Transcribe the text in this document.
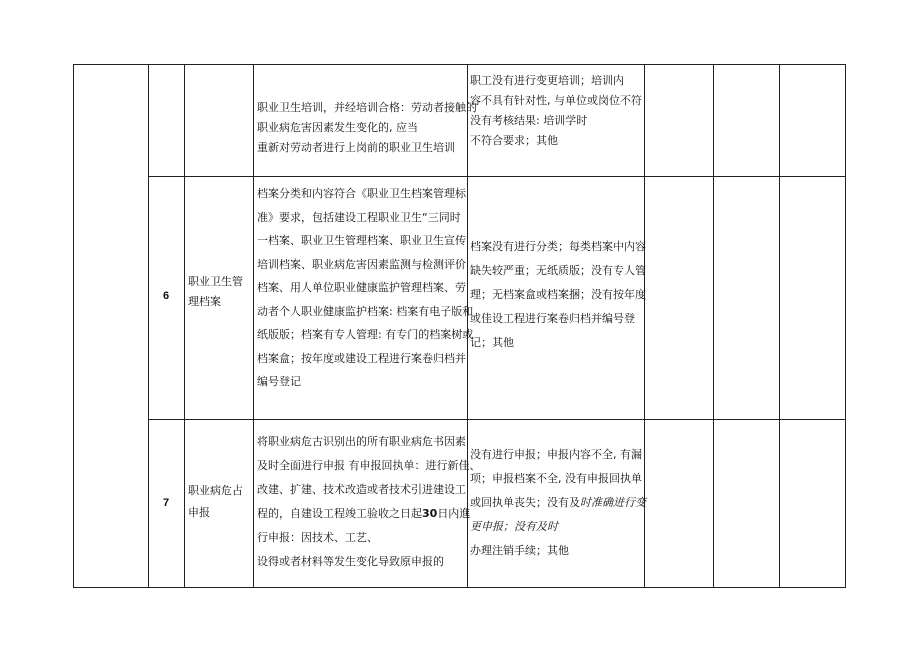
职业卫生培训，并经培训合格：劳动者接触的
职业病危害因素发生变化的, 应当
重新对劳动者进行上岗前的职业卫生培训
职工没有进行变更培训；培训内
容不具有针对性, 与单位或岗位不符
没有考核结果: 培训学时
不符合要求；其他
6
职业卫生管
理档案
档案分类和内容符合《职业卫生档案管理标
准》要求，包括建设工程职业卫生“三同时
一档案、职业卫生管理档案、职业卫生宣传
培训档案、职业病危害因素监测与检测评价
档案、用人单位职业健康监护管理档案、劳
动者个人职业健康监护档案: 档案有电子版和
纸版版；档案有专人管理: 有专门的档案树或
档案盒；按年度或建设工程进行案卷归档并
编号登记
档案没有进行分类；每类档案中内容
缺失较严重；无纸质版；没有专人管
理；无档案盒或档案捆；没有按年度
或佳设工程进行案卷归档并编号登
记；其他
7
职业病危占
申报
将职业病危古识别出的所有职业病危书因素
及时全面进行申报 有申报回执单：进行新佳、
改建、扩建、技术改造或者技术引进建设工
程的，自建设工程竣工验收之日起30日内進
行申报：因技术、工艺、
设得或者材料等发生变化导致原申报的
没有进行申报；申报内容不全, 有漏
项；申报档案不全, 没有申报回执单
或回执单丧失；没有及时准确进行变
更申报；没有及时
办理注销手续；其他
